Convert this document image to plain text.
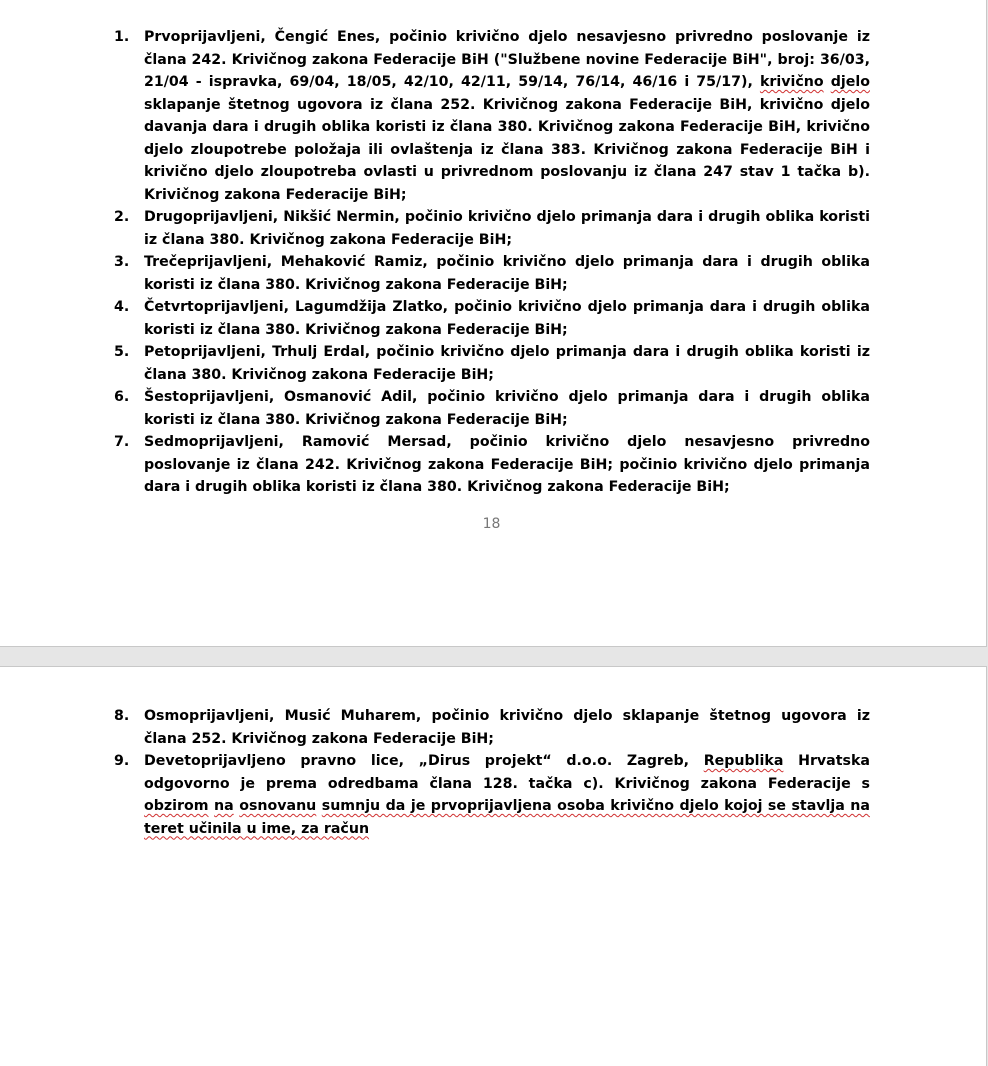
1.	Prvoprijavljeni, Čengić Enes, počinio krivično djelo nesavjesno privredno poslovanje iz člana 242. Krivičnog zakona Federacije BiH ("Službene novine Federacije BiH", broj: 36/03, 21/04 - ispravka, 69/04, 18/05, 42/10, 42/11, 59/14, 76/14, 46/16 i 75/17), krivično djelo sklapanje štetnog ugovora iz člana 252. Krivičnog zakona Federacije BiH, krivično djelo davanja dara i drugih oblika koristi iz člana 380. Krivičnog zakona Federacije BiH, krivično djelo zloupotrebe položaja ili ovlaštenja iz člana 383. Krivičnog zakona Federacije BiH i krivično djelo zloupotreba ovlasti u privrednom poslovanju iz člana 247 stav 1 tačka b). Krivičnog zakona Federacije BiH;
2.	Drugoprijavljeni, Nikšić Nermin, počinio krivično djelo primanja dara i drugih oblika koristi iz člana 380. Krivičnog zakona Federacije BiH;
3.	Trečeprijavljeni, Mehaković Ramiz, počinio krivično djelo primanja dara i drugih oblika koristi iz člana 380. Krivičnog zakona Federacije BiH;
4.	Četvrtoprijavljeni, Lagumdžija Zlatko, počinio krivično djelo primanja dara i drugih oblika koristi iz člana 380. Krivičnog zakona Federacije BiH;
5.	Petoprijavljeni, Trhulj Erdal, počinio krivično djelo primanja dara i drugih oblika koristi iz člana 380. Krivičnog zakona Federacije BiH;
6.	Šestoprijavljeni, Osmanović Adil, počinio krivično djelo primanja dara i drugih oblika koristi iz člana 380. Krivičnog zakona Federacije BiH;
7.	Sedmoprijavljeni, Ramović Mersad, počinio krivično djelo nesavjesno privredno poslovanje iz člana 242. Krivičnog zakona Federacije BiH; počinio krivično djelo primanja dara i drugih oblika koristi iz člana 380. Krivičnog zakona Federacije BiH;
18
8.	Osmoprijavljeni, Musić Muharem, počinio krivično djelo sklapanje štetnog ugovora iz člana 252. Krivičnog zakona Federacije BiH;
9.	Devetoprijavljeno pravno lice, „Dirus projekt“ d.o.o. Zagreb, Republika Hrvatska odgovorno je prema odredbama člana 128. tačka c). Krivičnog zakona Federacije s obzirom na osnovanu sumnju da je prvoprijavljena osoba krivično djelo kojoj se stavlja na teret učinila u ime, za račun
